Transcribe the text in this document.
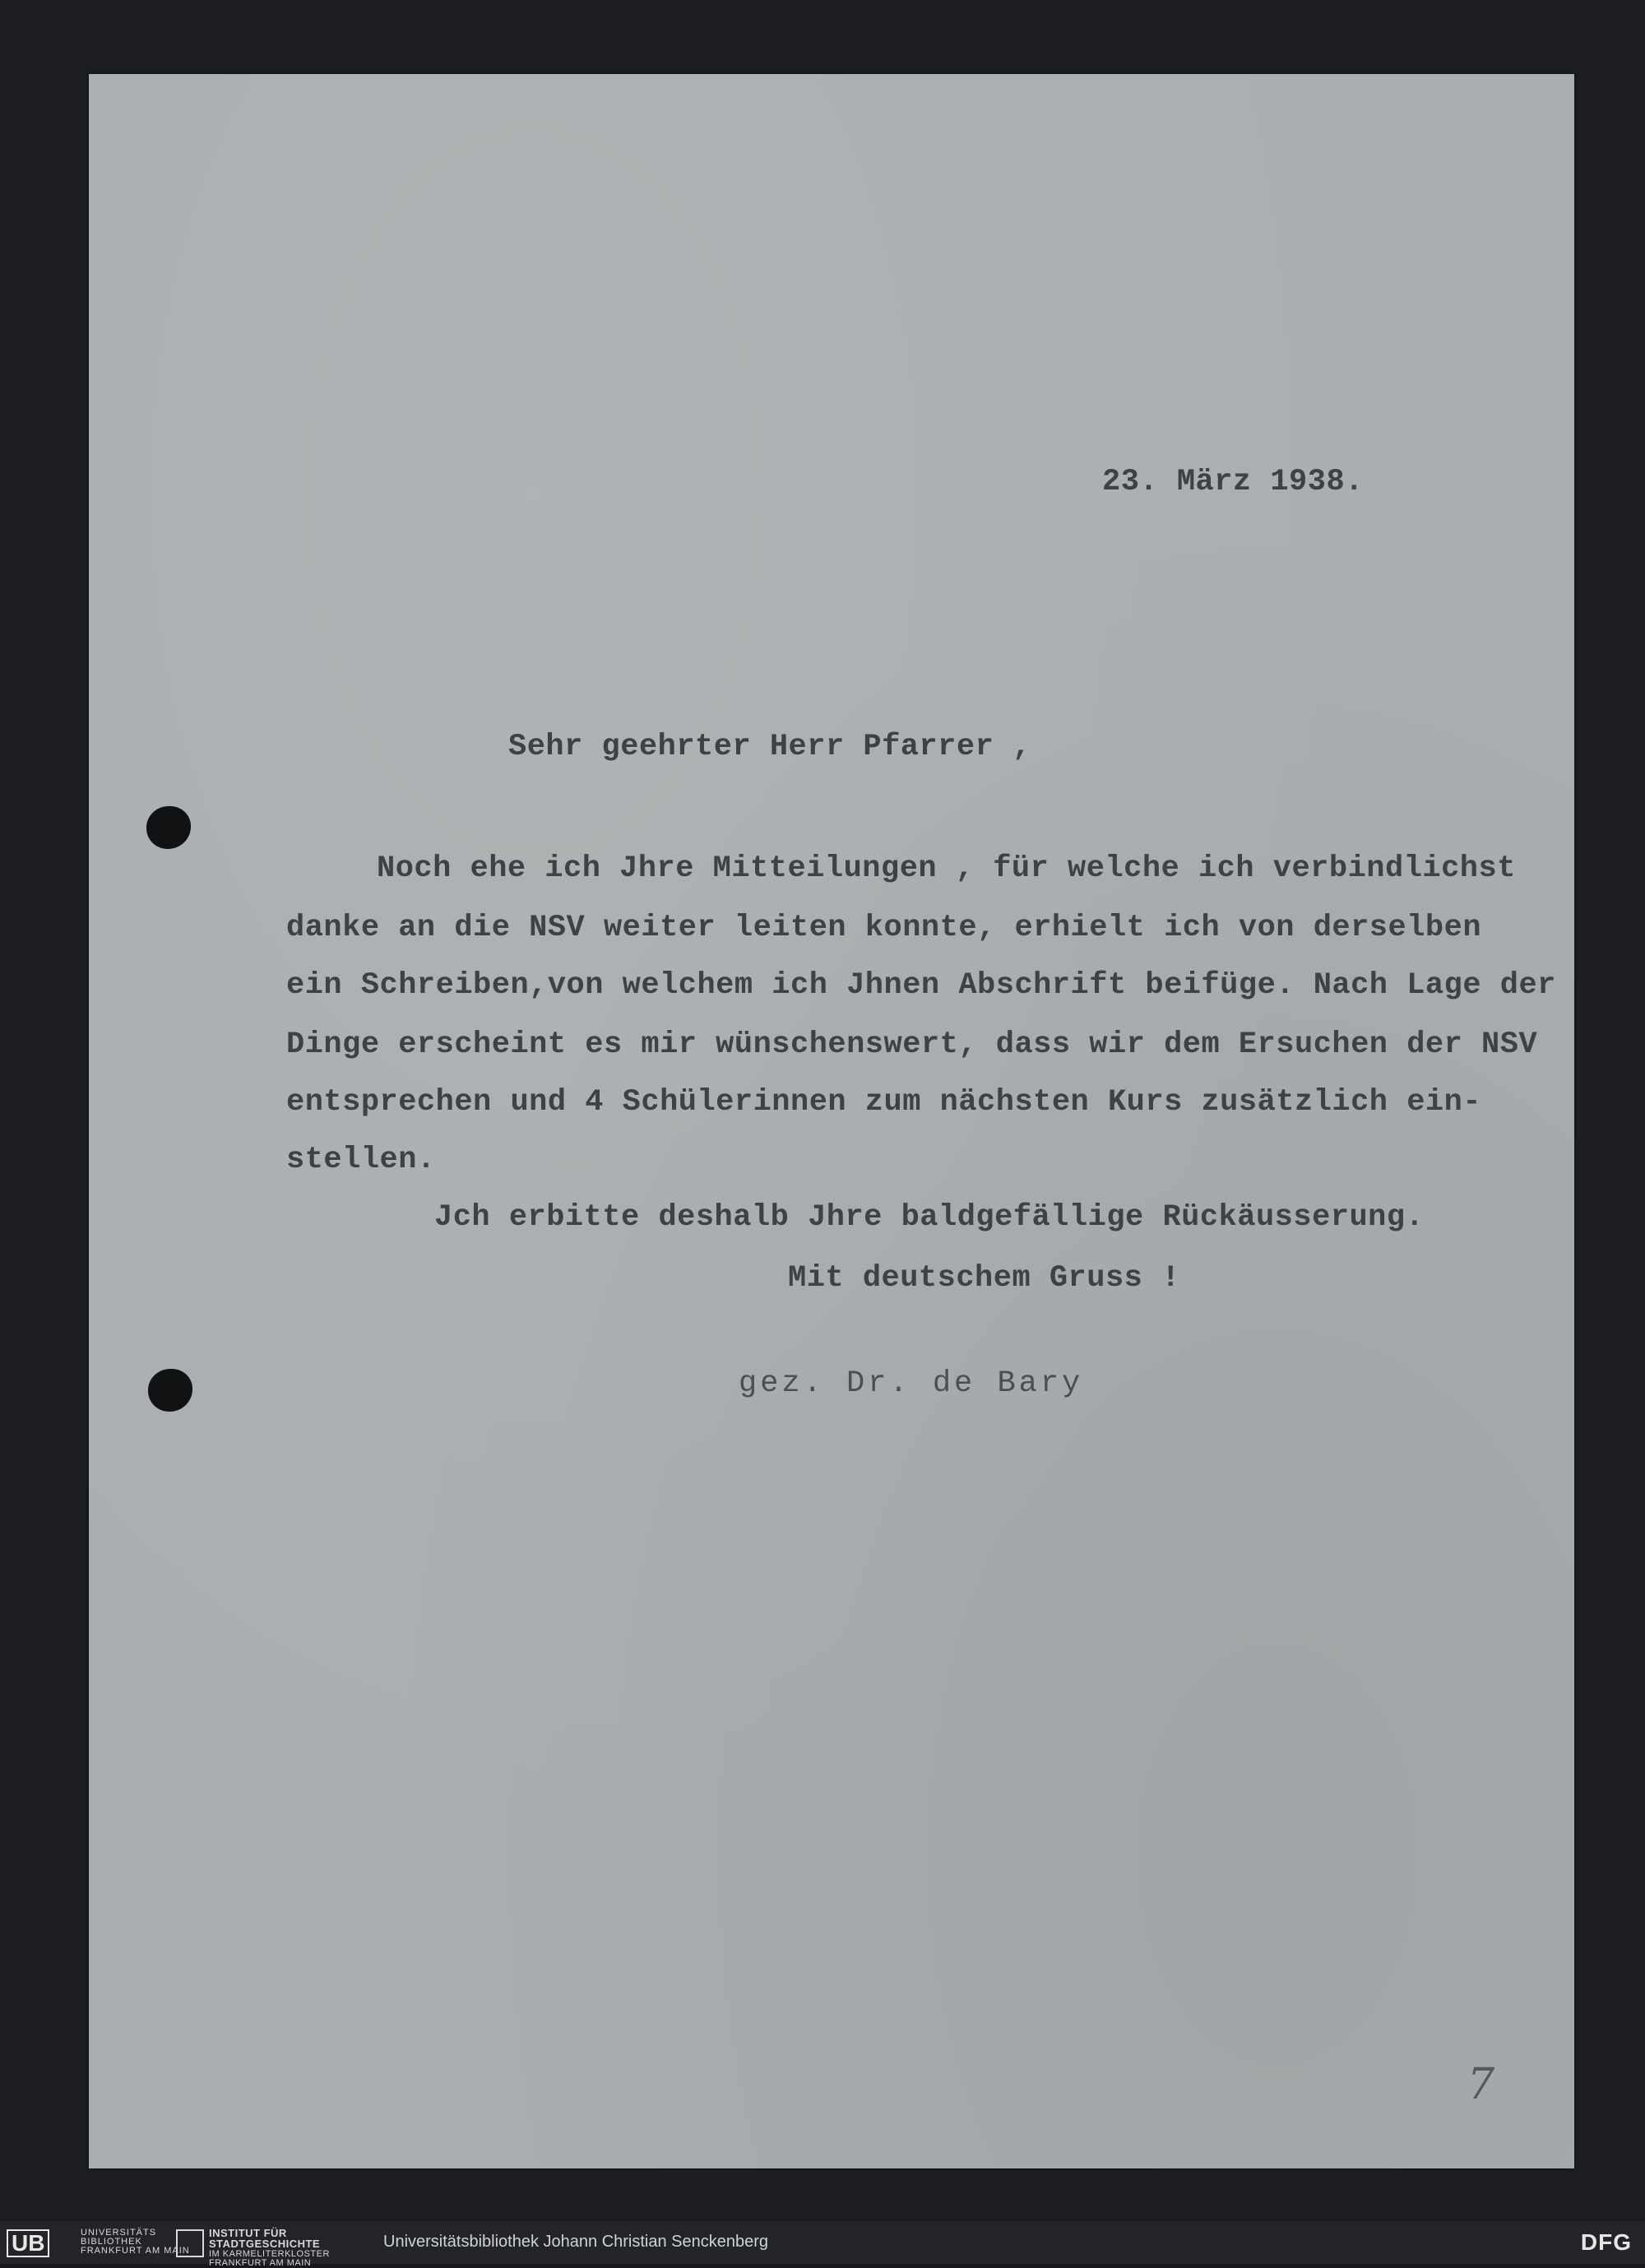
23. März 1938.
Sehr geehrter Herr Pfarrer ,
Noch ehe ich Jhre Mitteilungen , für welche ich verbindlichst
danke an die NSV weiter leiten konnte, erhielt ich von derselben
ein Schreiben,von welchem ich Jhnen Abschrift beifüge. Nach Lage der
Dinge erscheint es mir wünschenswert, dass wir dem Ersuchen der NSV
entsprechen und 4 Schülerinnen zum nächsten Kurs zusätzlich ein-
stellen.
Jch erbitte deshalb Jhre baldgefällige Rückäusserung.
Mit deutschem Gruss !
gez. Dr. de Bary
7
UB	UNIVERSITÄTS
BIBLIOTHEK
FRANKFURT AM MAIN
INSTITUT FÜR
STADTGESCHICHTE
IM KARMELITERKLOSTER
FRANKFURT AM MAIN
Universitätsbibliothek Johann Christian Senckenberg	DFG
